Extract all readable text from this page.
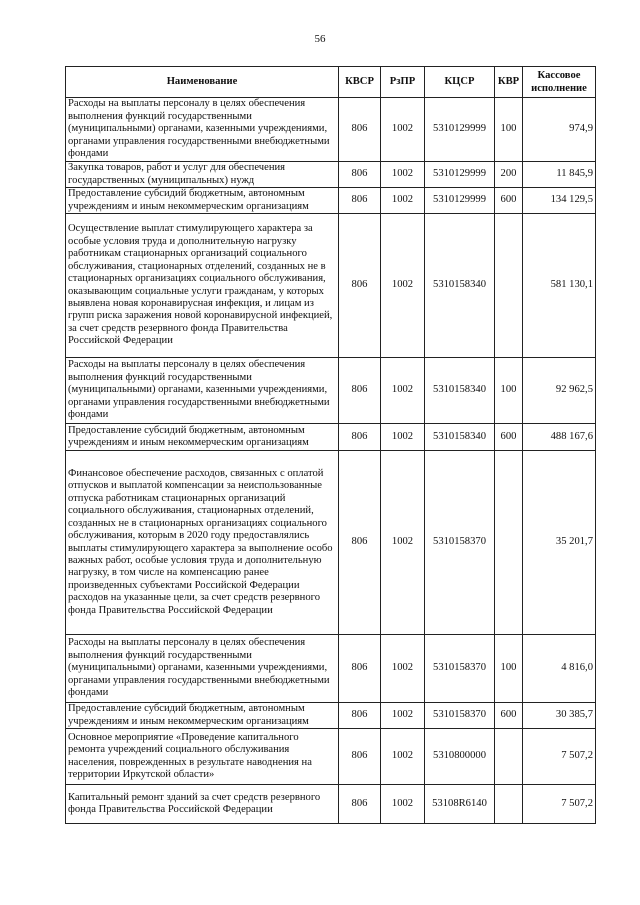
56
Наименование	КВСР	РзПР	КЦСР	КВР	Кассовое
исполнение
Расходы на выплаты персоналу в целях обеспечения выполнения функций государственными (муниципальными) органами, казенными учреждениями, органами управления государственными внебюджетными фондами	806	1002	5310129999	100	974,9
Закупка товаров, работ и услуг для обеспечения государственных (муниципальных) нужд	806	1002	5310129999	200	11 845,9
Предоставление субсидий бюджетным, автономным учреждениям и иным некоммерческим организациям	806	1002	5310129999	600	134 129,5
Осуществление выплат стимулирующего характера за особые условия труда и дополнительную нагрузку работникам стационарных организаций социального обслуживания, стационарных отделений, созданных не в стационарных организациях социального обслуживания, оказывающим социальные услуги гражданам, у которых выявлена новая коронавирусная инфекция, и лицам из групп риска заражения новой коронавирусной инфекцией, за счет средств резервного фонда Правительства Российской Федерации	806	1002	5310158340		581 130,1
Расходы на выплаты персоналу в целях обеспечения выполнения функций государственными (муниципальными) органами, казенными учреждениями, органами управления государственными внебюджетными фондами	806	1002	5310158340	100	92 962,5
Предоставление субсидий бюджетным, автономным учреждениям и иным некоммерческим организациям	806	1002	5310158340	600	488 167,6
Финансовое обеспечение расходов, связанных с оплатой отпусков и выплатой компенсации за неиспользованные отпуска работникам стационарных организаций социального обслуживания, стационарных отделений, созданных не в стационарных организациях социального обслуживания, которым в 2020 году предоставлялись выплаты стимулирующего характера за выполнение особо важных работ, особые условия труда и дополнительную нагрузку, в том числе на компенсацию ранее произведенных субъектами Российской Федерации расходов на указанные цели, за счет средств резервного фонда Правительства Российской Федерации	806	1002	5310158370		35 201,7
Расходы на выплаты персоналу в целях обеспечения выполнения функций государственными (муниципальными) органами, казенными учреждениями, органами управления государственными внебюджетными фондами	806	1002	5310158370	100	4 816,0
Предоставление субсидий бюджетным, автономным учреждениям и иным некоммерческим организациям	806	1002	5310158370	600	30 385,7
Основное мероприятие «Проведение капитального ремонта учреждений социального обслуживания населения, поврежденных в результате наводнения на территории Иркутской области»	806	1002	5310800000		7 507,2
Капитальный ремонт зданий за счет средств резервного фонда Правительства Российской Федерации	806	1002	53108R6140		7 507,2
